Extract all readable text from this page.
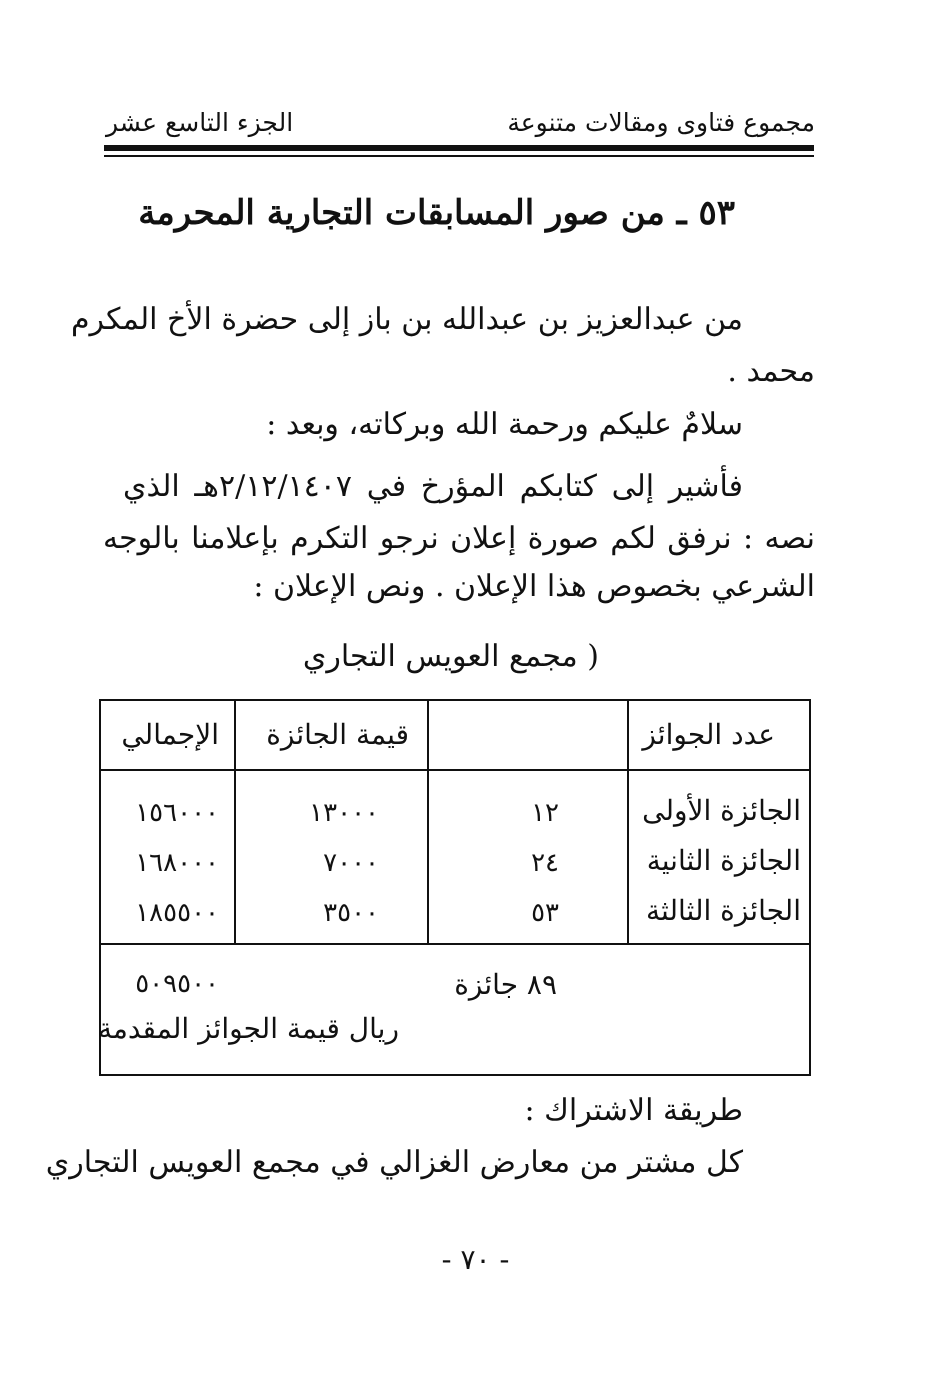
مجموع فتاوى ومقالات متنوعة
الجزء التاسع عشر
٥٣ ـ من صور المسابقات التجارية المحرمة
من عبدالعزيز بن عبدالله بن باز إلى حضرة الأخ المكرم
محمد .
سلامٌ عليكم ورحمة الله وبركاته، وبعد :
فأشير إلى كتابكم المؤرخ في ٢/١٢/١٤٠٧هـ الذي
نصه : نرفق لكم صورة إعلان نرجو التكرم بإعلامنا بالوجه
الشرعي بخصوص هذا الإعلان . ونص الإعلان :
( مجمع العويس التجاري
عدد الجوائز
قيمة الجائزة
الإجمالي
الجائزة الأولى
١٢
١٣٠٠٠
١٥٦٠٠٠
الجائزة الثانية
٢٤
٧٠٠٠
١٦٨٠٠٠
الجائزة الثالثة
٥٣
٣٥٠٠
١٨٥٥٠٠
٨٩ جائزة
٥٠٩٥٠٠
ريال قيمة الجوائز المقدمة
طريقة الاشتراك :
كل مشتر من معارض الغزالي في مجمع العويس التجاري
- ٧٠ -
